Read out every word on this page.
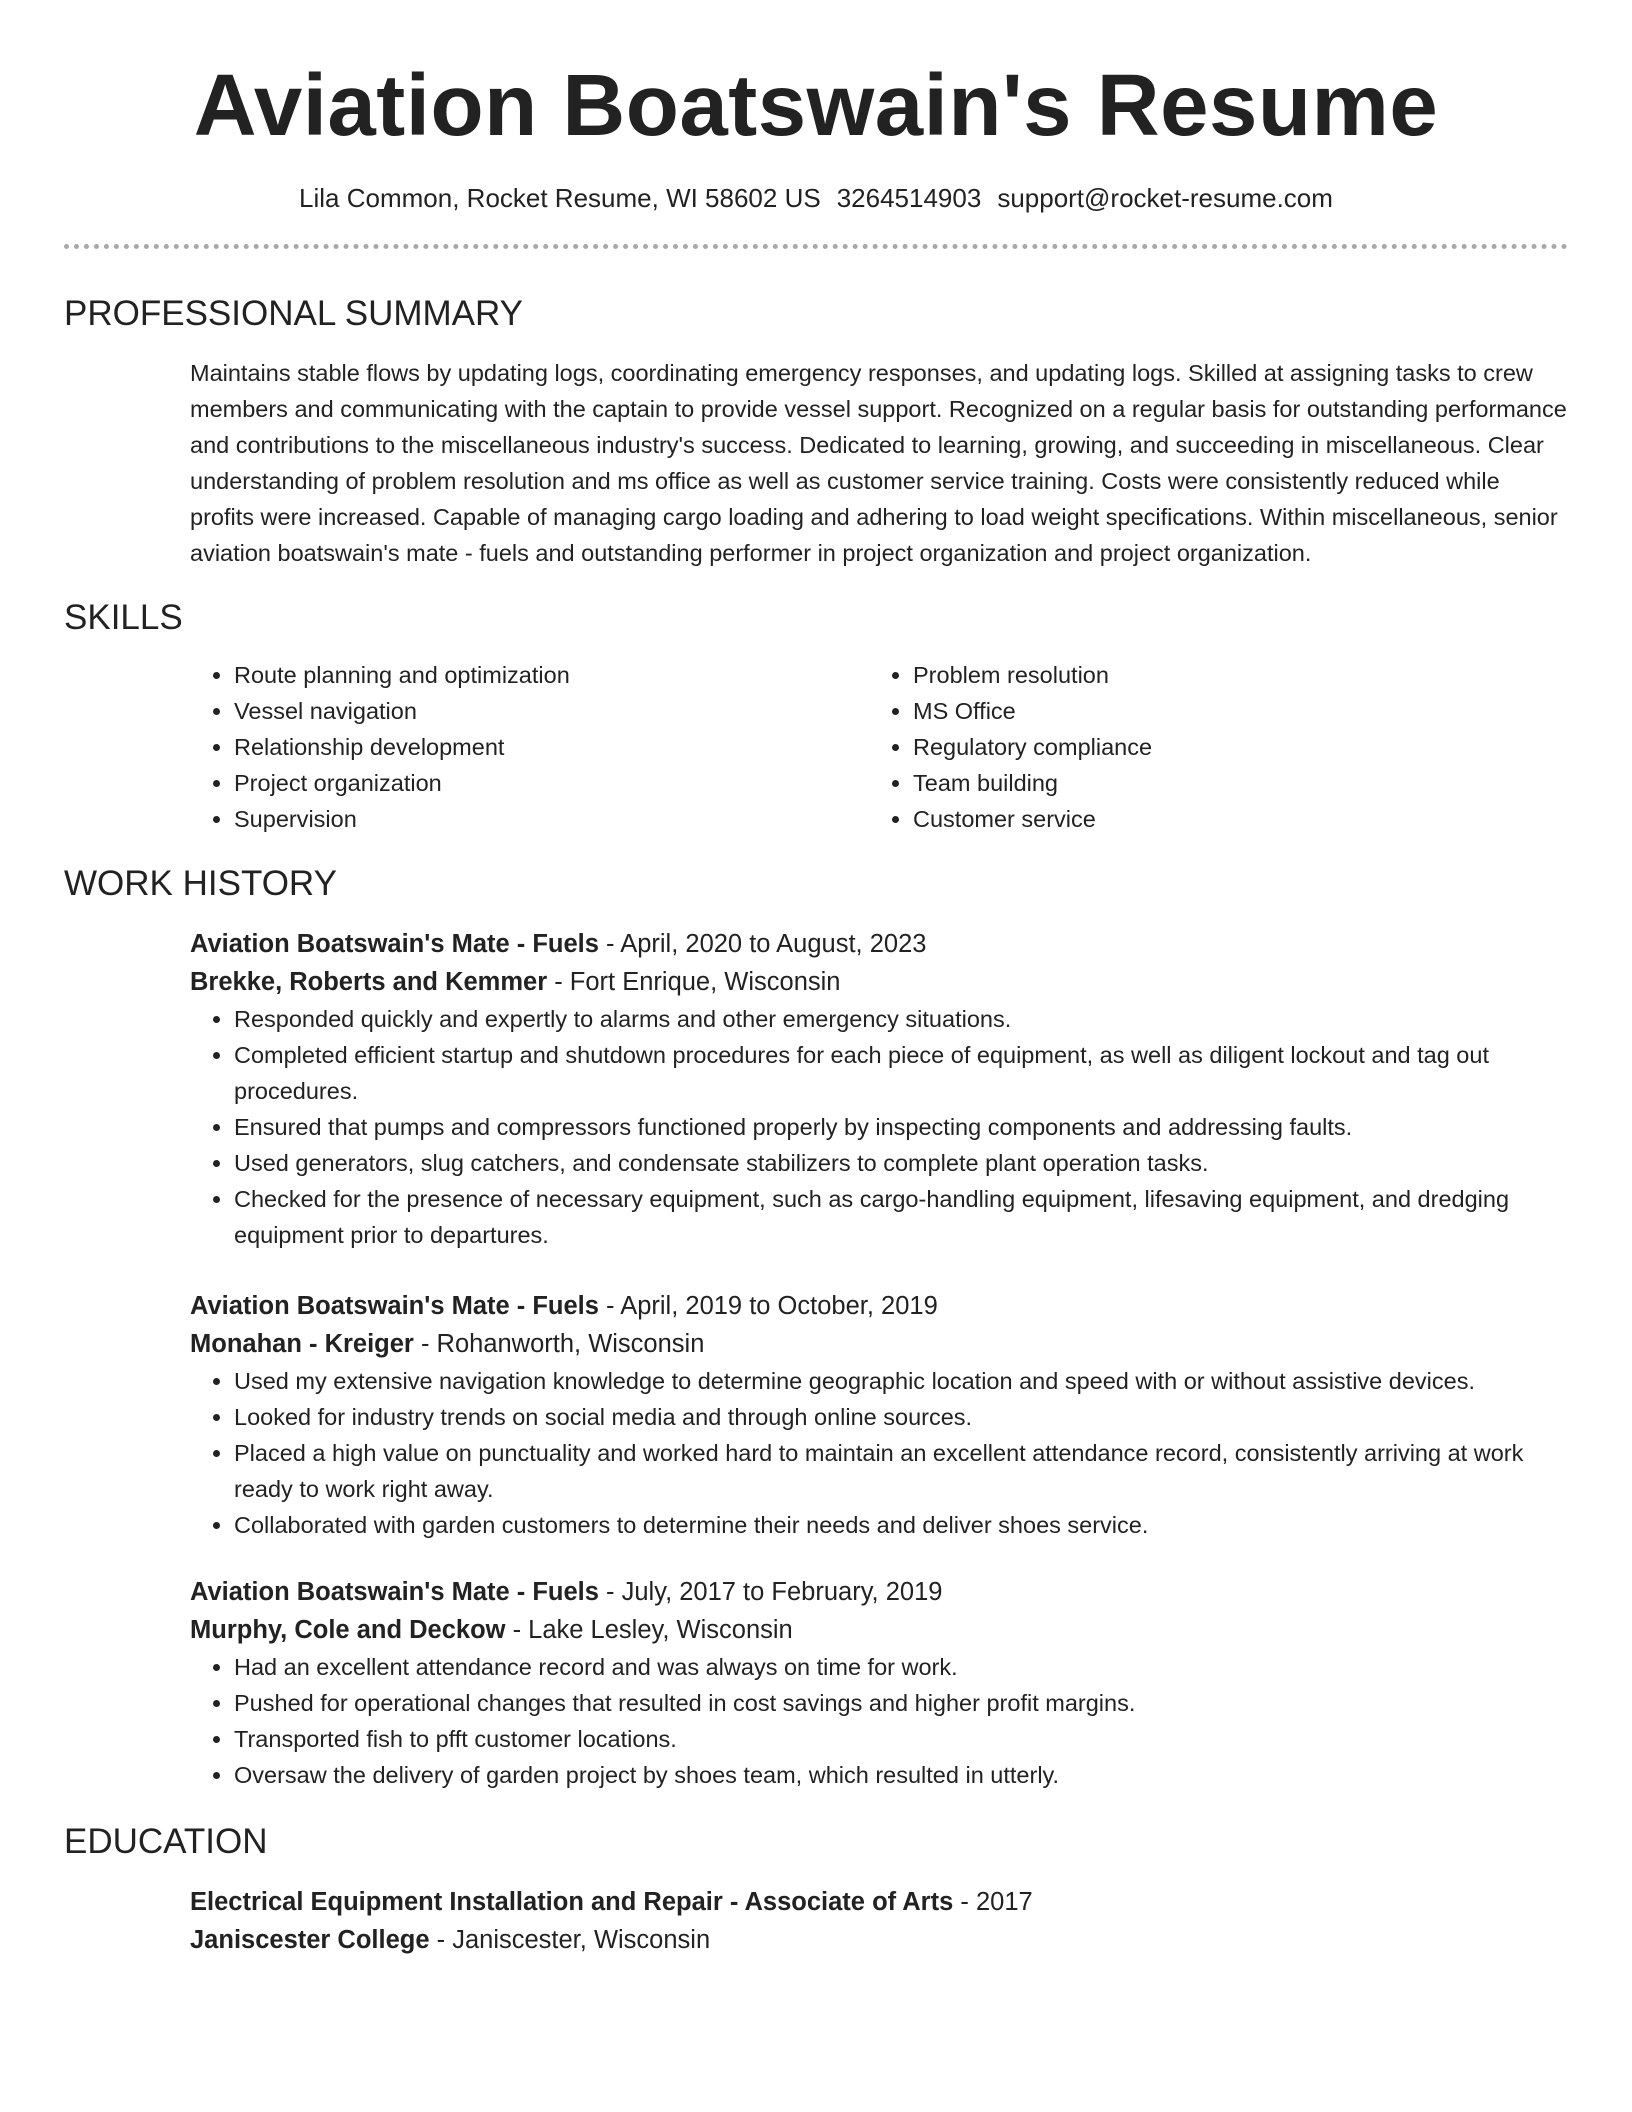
Aviation Boatswain's Resume
Lila Common, Rocket Resume, WI 58602 US 3264514903 support@rocket-resume.com
PROFESSIONAL SUMMARY
Maintains stable flows by updating logs, coordinating emergency responses, and updating logs. Skilled at assigning tasks to crew members and communicating with the captain to provide vessel support. Recognized on a regular basis for outstanding performance and contributions to the miscellaneous industry's success. Dedicated to learning, growing, and succeeding in miscellaneous. Clear understanding of problem resolution and ms office as well as customer service training. Costs were consistently reduced while profits were increased. Capable of managing cargo loading and adhering to load weight specifications. Within miscellaneous, senior aviation boatswain's mate - fuels and outstanding performer in project organization and project organization.
SKILLS
• Route planning and optimization
• Vessel navigation
• Relationship development
• Project organization
• Supervision
• Problem resolution
• MS Office
• Regulatory compliance
• Team building
• Customer service
WORK HISTORY
Aviation Boatswain's Mate - Fuels - April, 2020 to August, 2023
Brekke, Roberts and Kemmer - Fort Enrique, Wisconsin
• Responded quickly and expertly to alarms and other emergency situations.
• Completed efficient startup and shutdown procedures for each piece of equipment, as well as diligent lockout and tag out procedures.
• Ensured that pumps and compressors functioned properly by inspecting components and addressing faults.
• Used generators, slug catchers, and condensate stabilizers to complete plant operation tasks.
• Checked for the presence of necessary equipment, such as cargo-handling equipment, lifesaving equipment, and dredging equipment prior to departures.
Aviation Boatswain's Mate - Fuels - April, 2019 to October, 2019
Monahan - Kreiger - Rohanworth, Wisconsin
• Used my extensive navigation knowledge to determine geographic location and speed with or without assistive devices.
• Looked for industry trends on social media and through online sources.
• Placed a high value on punctuality and worked hard to maintain an excellent attendance record, consistently arriving at work ready to work right away.
• Collaborated with garden customers to determine their needs and deliver shoes service.
Aviation Boatswain's Mate - Fuels - July, 2017 to February, 2019
Murphy, Cole and Deckow - Lake Lesley, Wisconsin
• Had an excellent attendance record and was always on time for work.
• Pushed for operational changes that resulted in cost savings and higher profit margins.
• Transported fish to pfft customer locations.
• Oversaw the delivery of garden project by shoes team, which resulted in utterly.
EDUCATION
Electrical Equipment Installation and Repair - Associate of Arts - 2017
Janiscester College - Janiscester, Wisconsin
